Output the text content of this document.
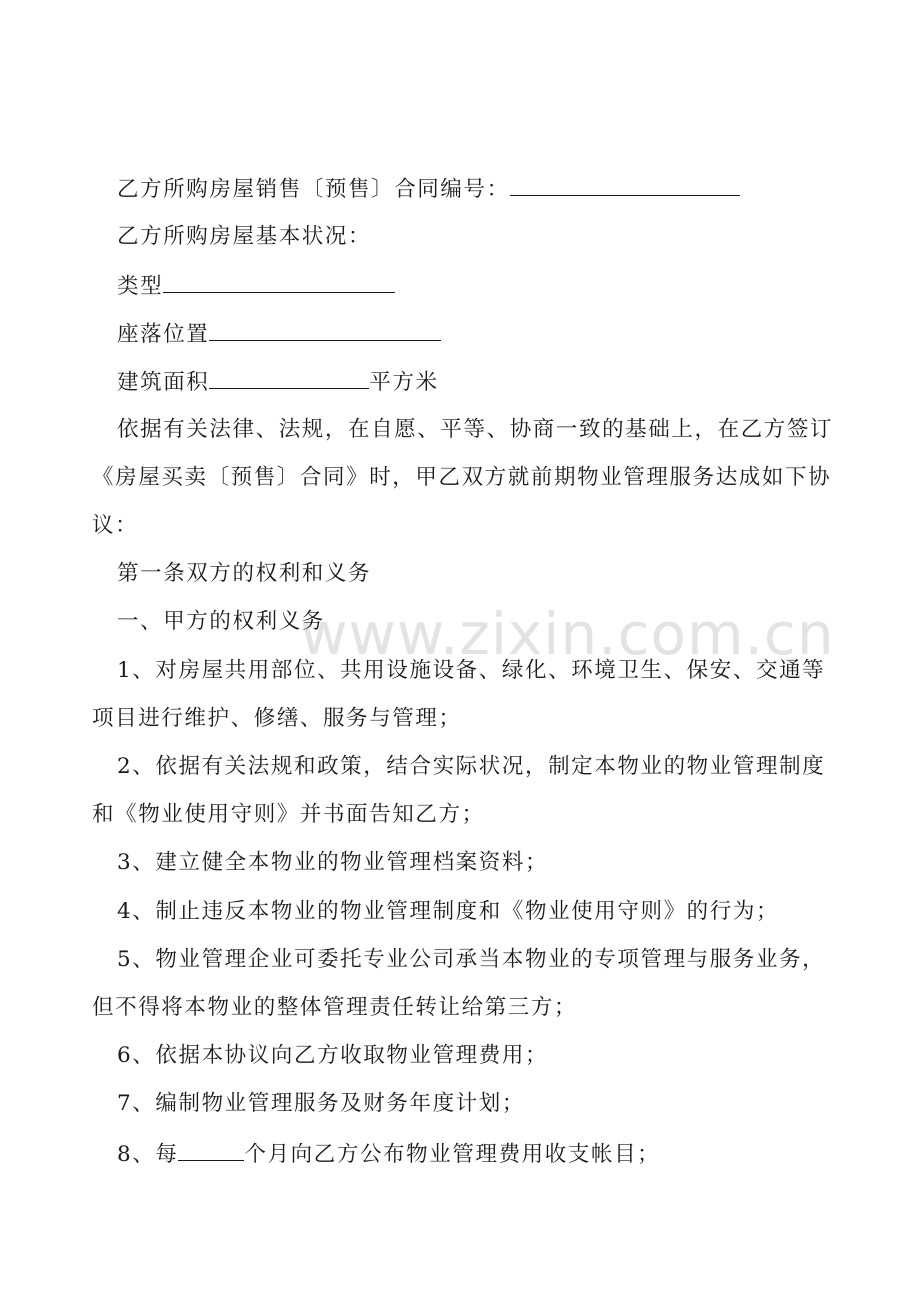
www.zixin.com.cn
乙方所购房屋销售〔预售〕合同编号：
乙方所购房屋基本状况：
类型
座落位置
建筑面积	平方米
依据有关法律、法规，在自愿、平等、协商一致的基础上，在乙方签订
《房屋买卖〔预售〕合同》时，甲乙双方就前期物业管理服务达成如下协
议：
第一条双方的权利和义务
一、甲方的权利义务
1、对房屋共用部位、共用设施设备、绿化、环境卫生、保安、交通等
项目进行维护、修缮、服务与管理；
2、依据有关法规和政策，结合实际状况，制定本物业的物业管理制度
和《物业使用守则》并书面告知乙方；
3、建立健全本物业的物业管理档案资料；
4、制止违反本物业的物业管理制度和《物业使用守则》的行为；
5、物业管理企业可委托专业公司承当本物业的专项管理与服务业务，
但不得将本物业的整体管理责任转让给第三方；
6、依据本协议向乙方收取物业管理费用；
7、编制物业管理服务及财务年度计划；
8、每	个月向乙方公布物业管理费用收支帐目；
